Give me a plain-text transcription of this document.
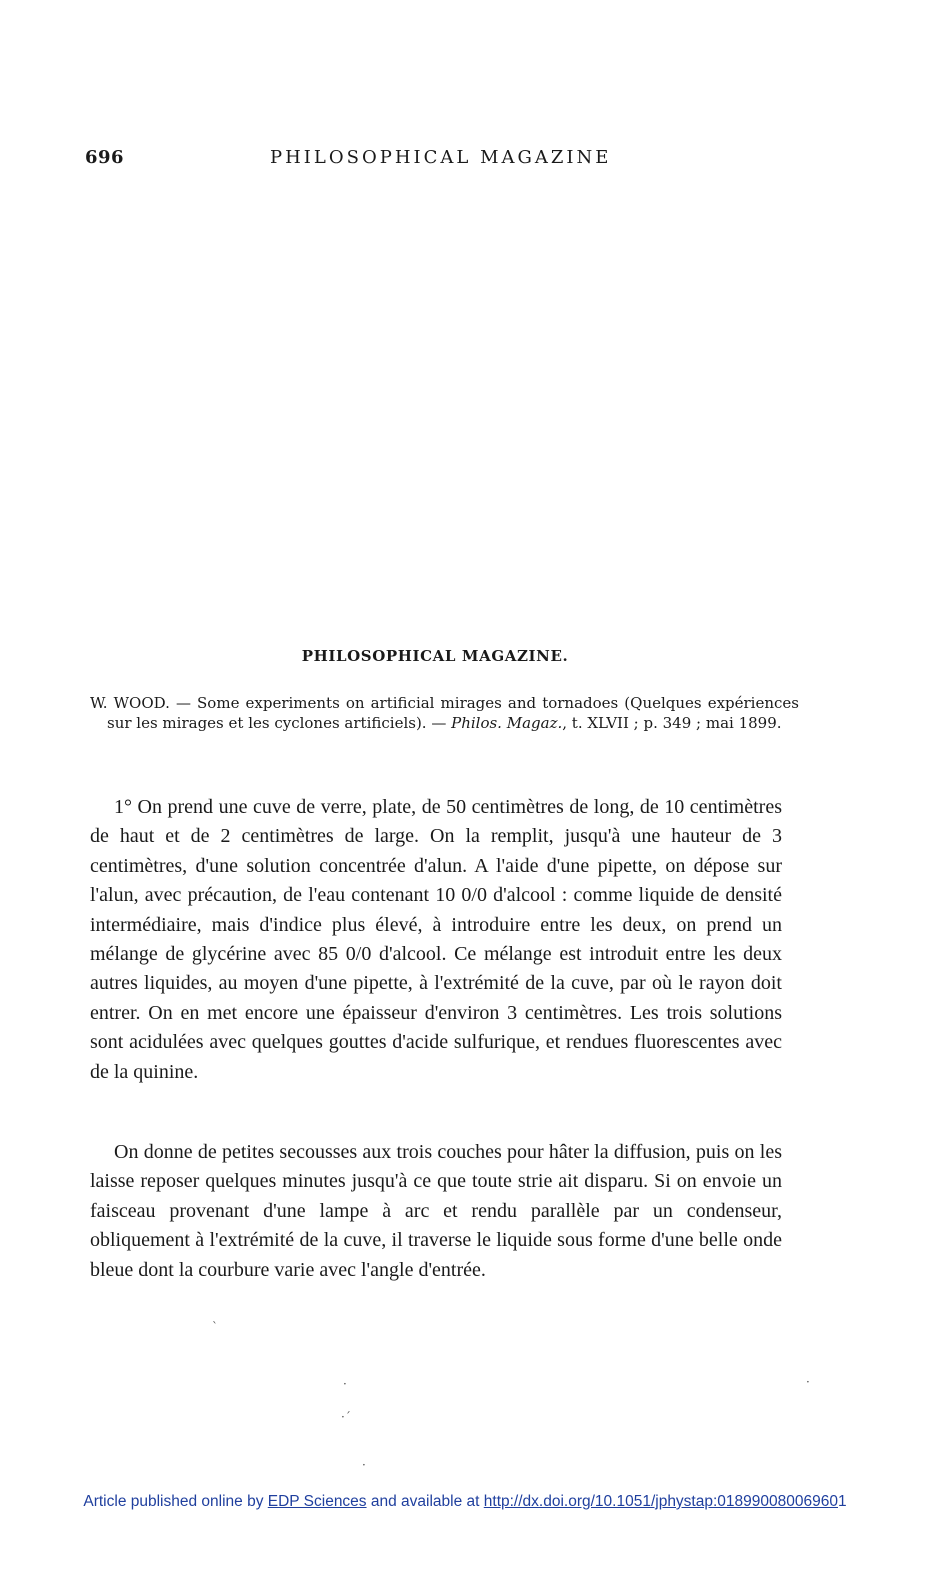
696	PHILOSOPHICAL MAGAZINE
PHILOSOPHICAL MAGAZINE.
W. WOOD. — Some experiments on artificial mirages and tornadoes (Quelques expériences sur les mirages et les cyclones artificiels). — Philos. Magaz., t. XLVII ; p. 349 ; mai 1899.

1° On prend une cuve de verre, plate, de 50 centimètres de long, de 10 centimètres de haut et de 2 centimètres de large. On la remplit, jusqu'à une hauteur de 3 centimètres, d'une solution concentrée d'alun. A l'aide d'une pipette, on dépose sur l'alun, avec précaution, de l'eau contenant 10 0/0 d'alcool : comme liquide de densité intermédiaire, mais d'indice plus élevé, à introduire entre les deux, on prend un mélange de glycérine avec 85 0/0 d'alcool. Ce mélange est introduit entre les deux autres liquides, au moyen d'une pipette, à l'extrémité de la cuve, par où le rayon doit entrer. On en met encore une épaisseur d'environ 3 centimètres. Les trois solutions sont acidulées avec quelques gouttes d'acide sulfurique, et rendues fluorescentes avec de la quinine.

On donne de petites secousses aux trois couches pour hâter la diffusion, puis on les laisse reposer quelques minutes jusqu'à ce que toute strie ait disparu. Si on envoie un faisceau provenant d'une lampe à arc et rendu parallèle par un condenseur, obliquement à l'extrémité de la cuve, il traverse le liquide sous forme d'une belle onde bleue dont la courbure varie avec l'angle d'entrée.

ˋ
·	·
·ˊ
·
Article published online by EDP Sciences and available at http://dx.doi.org/10.1051/jphystap:018990080069601
